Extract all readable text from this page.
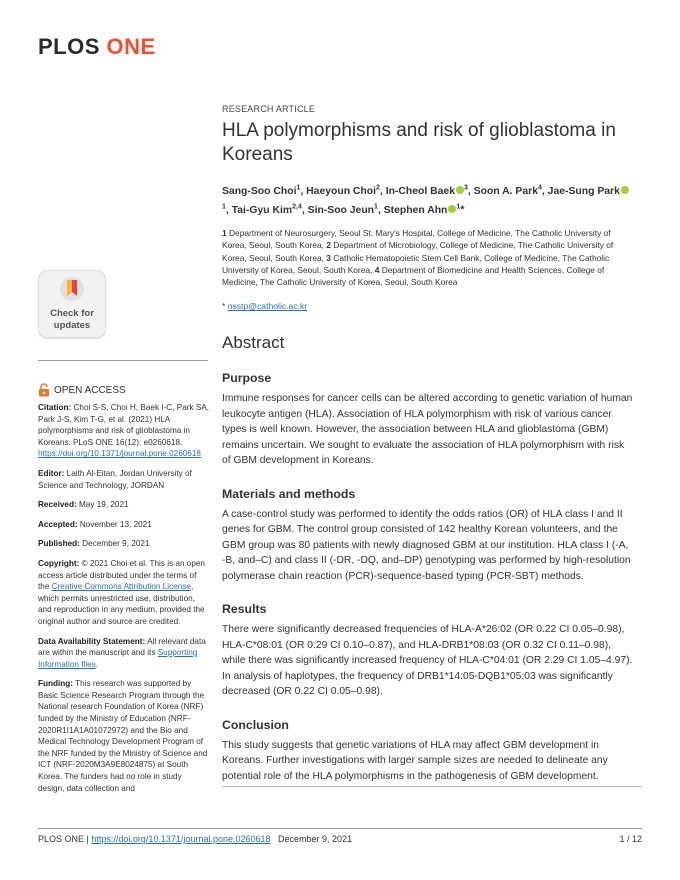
PLOS ONE
Check for
updates
OPEN ACCESS

Citation: Choi S-S, Choi H, Baek I-C, Park SA, Park J-S, Kim T-G, et al. (2021) HLA polymorphisms and risk of glioblastoma in Koreans. PLoS ONE 16(12): e0260618. https://doi.org/10.1371/journal.pone.0260618

Editor: Laith Al-Eitan, Jordan University of Science and Technology, JORDAN

Received: May 19, 2021

Accepted: November 13, 2021

Published: December 9, 2021

Copyright: © 2021 Choi et al. This is an open access article distributed under the terms of the Creative Commons Attribution License, which permits unrestricted use, distribution, and reproduction in any medium, provided the original author and source are credited.

Data Availability Statement: All relevant data are within the manuscript and its Supporting Information files.

Funding: This research was supported by Basic Science Research Program through the National research Foundation of Korea (NRF) funded by the Ministry of Education (NRF-2020R1I1A1A01072972) and the Bio and Medical Technology Development Program of the NRF funded by the Ministry of Science and ICT (NRF-2020M3A9E8024875) at South Korea. The funders had no role in study design, data collection and

RESEARCH ARTICLE
HLA polymorphisms and risk of glioblastoma in Koreans
Sang-Soo Choi$^1$, Haeyoun Choi$^2$, In-Cheol Baek $^3$, Soon A. Park$^4$, Jae-Sung Park$^1$, Tai-Gyu Kim$^{2,4}$, Sin-Soo Jeun$^1$, Stephen Ahn $^1$*
1 Department of Neurosurgery, Seoul St. Mary's Hospital, College of Medicine, The Catholic University of Korea, Seoul, South Korea, 2 Department of Microbiology, College of Medicine, The Catholic University of Korea, Seoul, South Korea, 3 Catholic Hematopoietic Stem Cell Bank, College of Medicine, The Catholic University of Korea, Seoul, South Korea, 4 Department of Biomedicine and Health Sciences, College of Medicine, The Catholic University of Korea, Seoul, South Korea
* nsstp@catholic.ac.kr
Abstract
Purpose
Immune responses for cancer cells can be altered according to genetic variation of human leukocyte antigen (HLA). Association of HLA polymorphism with risk of various cancer types is well known. However, the association between HLA and glioblastoma (GBM) remains uncertain. We sought to evaluate the association of HLA polymorphism with risk of GBM development in Koreans.
Materials and methods
A case-control study was performed to identify the odds ratios (OR) of HLA class I and II genes for GBM. The control group consisted of 142 healthy Korean volunteers, and the GBM group was 80 patients with newly diagnosed GBM at our institution. HLA class I (-A, -B, and–C) and class II (-DR, -DQ, and–DP) genotyping was performed by high-resolution polymerase chain reaction (PCR)-sequence-based typing (PCR-SBT) methods.
Results
There were significantly decreased frequencies of HLA-A*26:02 (OR 0.22 CI 0.05–0.98), HLA-C*08:01 (OR 0.29 CI 0.10–0.87), and HLA-DRB1*08:03 (OR 0.32 CI 0.11–0.98), while there was significantly increased frequency of HLA-C*04:01 (OR 2.29 CI 1.05–4.97). In analysis of haplotypes, the frequency of DRB1*14:05-DQB1*05:03 was significantly decreased (OR 0.22 CI 0.05–0.98).
Conclusion
This study suggests that genetic variations of HLA may affect GBM development in Koreans. Further investigations with larger sample sizes are needed to delineate any potential role of the HLA polymorphisms in the pathogenesis of GBM development.
PLOS ONE | https://doi.org/10.1371/journal.pone.0260618 December 9, 2021	1 / 12
